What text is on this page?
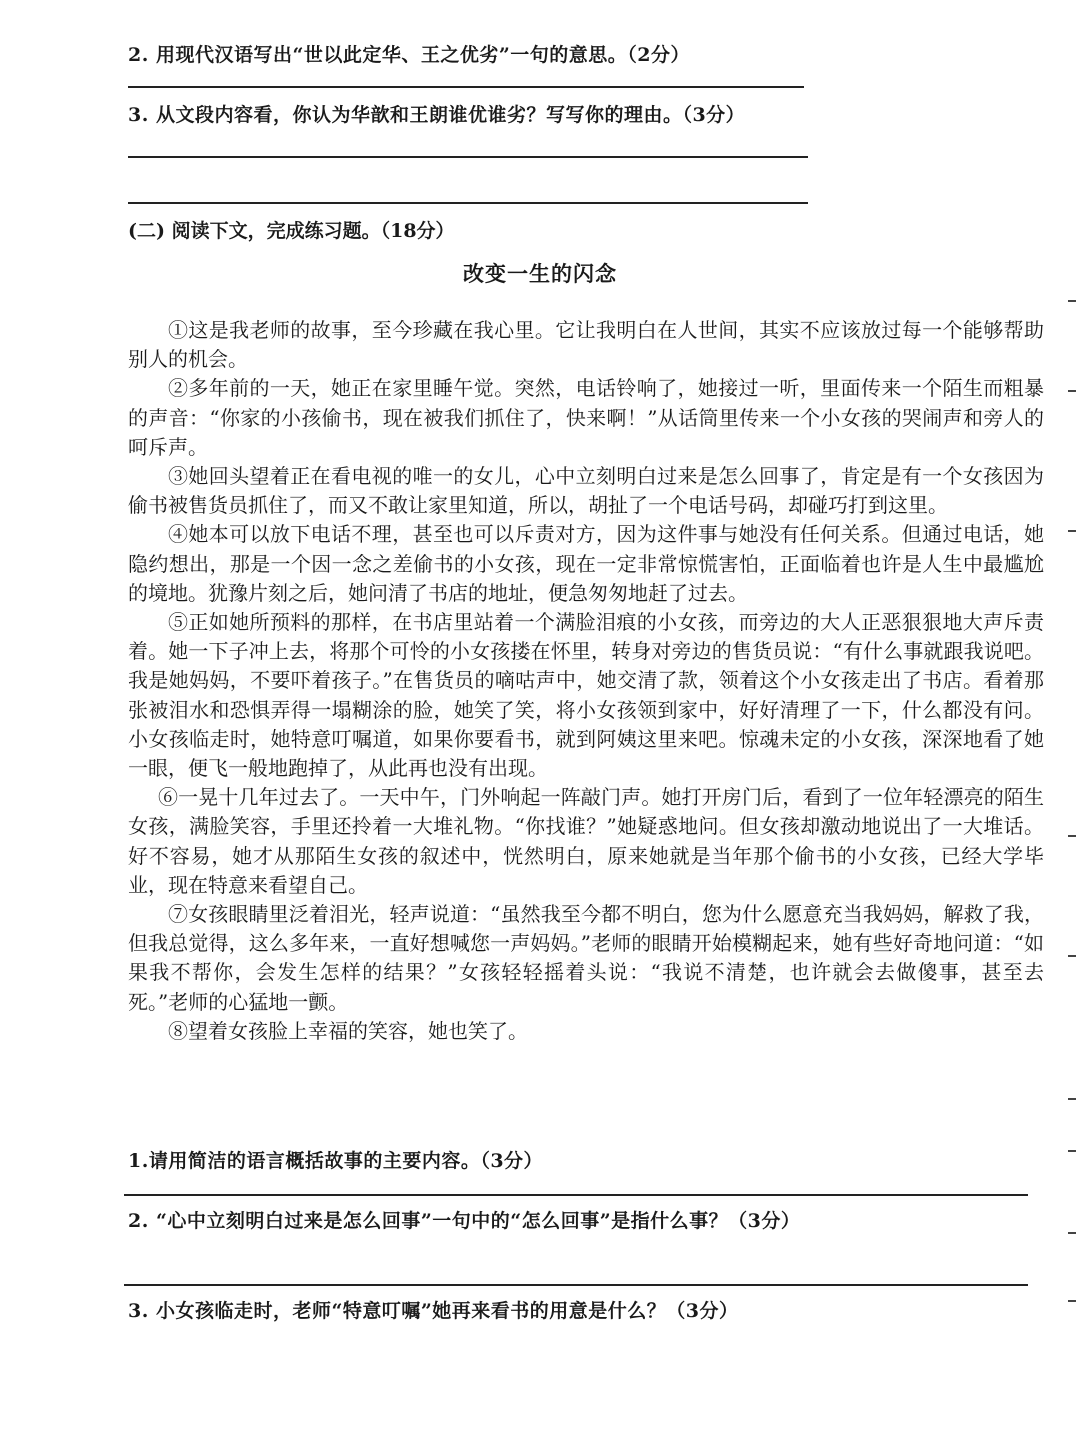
2. 用现代汉语写出“世以此定华、王之优劣”一句的意思。（2分）
3. 从文段内容看，你认为华歆和王朗谁优谁劣？写写你的理由。（3分）
(二) 阅读下文，完成练习题。（18分）
改变一生的闪念

①这是我老师的故事，至今珍藏在我心里。它让我明白在人世间，其实不应该放过每一个能够帮助别人的机会。

②多年前的一天，她正在家里睡午觉。突然，电话铃响了，她接过一听，里面传来一个陌生而粗暴的声音：“你家的小孩偷书，现在被我们抓住了，快来啊！”从话筒里传来一个小女孩的哭闹声和旁人的呵斥声。

③她回头望着正在看电视的唯一的女儿，心中立刻明白过来是怎么回事了，肯定是有一个女孩因为偷书被售货员抓住了，而又不敢让家里知道，所以，胡扯了一个电话号码，却碰巧打到这里。

④她本可以放下电话不理，甚至也可以斥责对方，因为这件事与她没有任何关系。但通过电话，她隐约想出，那是一个因一念之差偷书的小女孩，现在一定非常惊慌害怕，正面临着也许是人生中最尴尬的境地。犹豫片刻之后，她问清了书店的地址，便急匆匆地赶了过去。

⑤正如她所预料的那样，在书店里站着一个满脸泪痕的小女孩，而旁边的大人正恶狠狠地大声斥责着。她一下子冲上去，将那个可怜的小女孩搂在怀里，转身对旁边的售货员说：“有什么事就跟我说吧。我是她妈妈，不要吓着孩子。”在售货员的嘀咕声中，她交清了款，领着这个小女孩走出了书店。看着那张被泪水和恐惧弄得一塌糊涂的脸，她笑了笑，将小女孩领到家中，好好清理了一下，什么都没有问。小女孩临走时，她特意叮嘱道，如果你要看书，就到阿姨这里来吧。惊魂未定的小女孩，深深地看了她一眼，便飞一般地跑掉了，从此再也没有出现。

⑥一晃十几年过去了。一天中午，门外响起一阵敲门声。她打开房门后，看到了一位年轻漂亮的陌生女孩，满脸笑容，手里还拎着一大堆礼物。“你找谁？”她疑惑地问。但女孩却激动地说出了一大堆话。好不容易，她才从那陌生女孩的叙述中，恍然明白，原来她就是当年那个偷书的小女孩，已经大学毕业，现在特意来看望自己。

⑦女孩眼睛里泛着泪光，轻声说道：“虽然我至今都不明白，您为什么愿意充当我妈妈，解救了我，但我总觉得，这么多年来，一直好想喊您一声妈妈。”老师的眼睛开始模糊起来，她有些好奇地问道：“如果我不帮你，会发生怎样的结果？”女孩轻轻摇着头说：“我说不清楚，也许就会去做傻事，甚至去死。”老师的心猛地一颤。

⑧望着女孩脸上幸福的笑容，她也笑了。

1.请用简洁的语言概括故事的主要内容。（3分）
2. “心中立刻明白过来是怎么回事”一句中的“怎么回事”是指什么事？（3分）
3. 小女孩临走时，老师“特意叮嘱”她再来看书的用意是什么？（3分）
